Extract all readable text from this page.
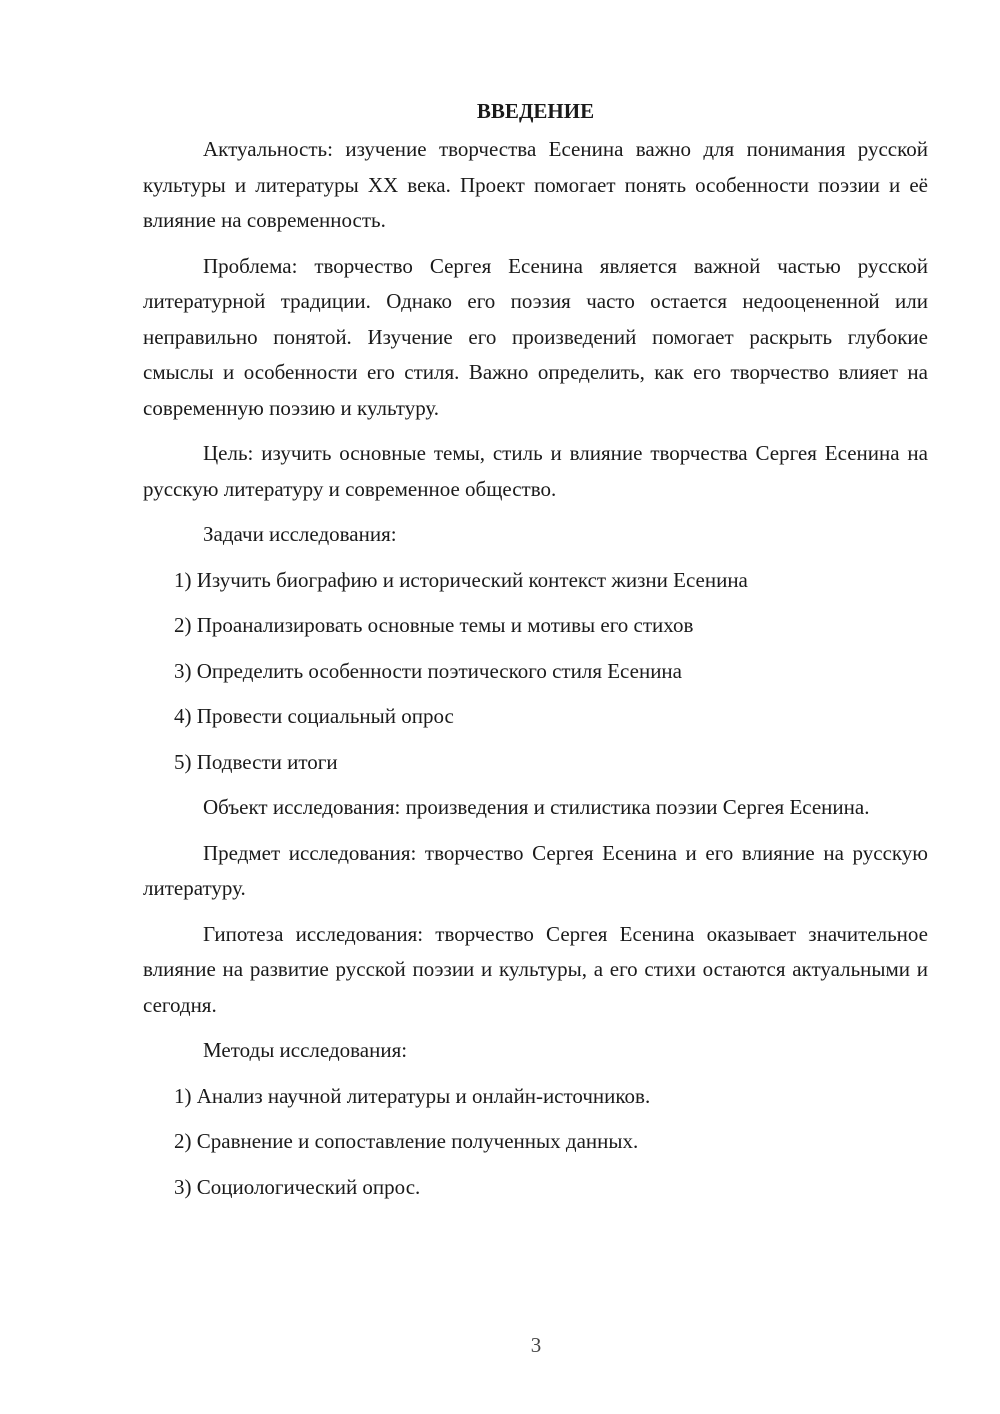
ВВЕДЕНИЕ

Актуальность: изучение творчества Есенина важно для понимания русской культуры и литературы XX века. Проект помогает понять особенности поэзии и её влияние на современность.

Проблема: творчество Сергея Есенина является важной частью русской литературной традиции. Однако его поэзия часто остается недооцененной или неправильно понятой. Изучение его произведений помогает раскрыть глубокие смыслы и особенности его стиля. Важно определить, как его творчество влияет на современную поэзию и культуру.

Цель: изучить основные темы, стиль и влияние творчества Сергея Есенина на русскую литературу и современное общество.

Задачи исследования:

1) Изучить биографию и исторический контекст жизни Есенина

2) Проанализировать основные темы и мотивы его стихов

3) Определить особенности поэтического стиля Есенина

4) Провести социальный опрос

5) Подвести итоги

Объект исследования: произведения и стилистика поэзии Сергея Есенина.

Предмет исследования: творчество Сергея Есенина и его влияние на русскую литературу.

Гипотеза исследования: творчество Сергея Есенина оказывает значительное влияние на развитие русской поэзии и культуры, а его стихи остаются актуальными и сегодня.

Методы исследования:

1) Анализ научной литературы и онлайн-источников.

2) Сравнение и сопоставление полученных данных.

3) Социологический опрос.

3
